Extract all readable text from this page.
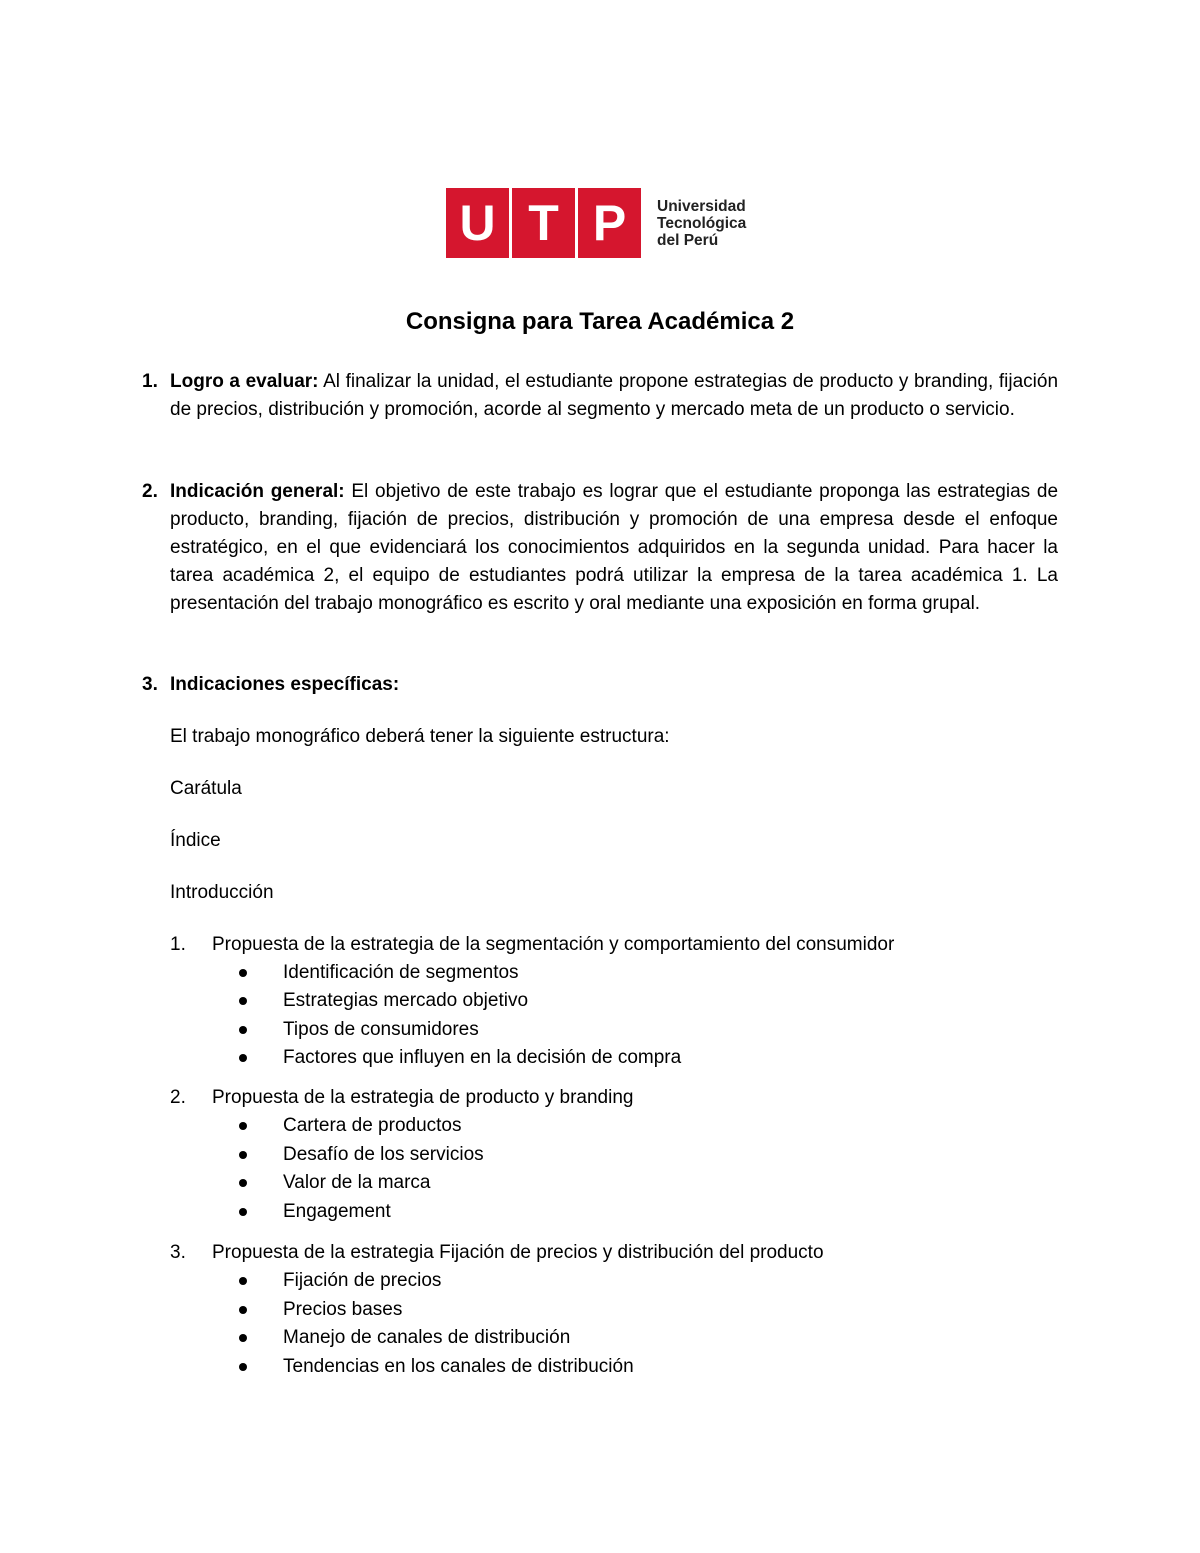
U T P	Universidad
Tecnológica
del Perú
Consigna para Tarea Académica 2
1. Logro a evaluar: Al finalizar la unidad, el estudiante propone estrategias de producto y branding, fijación de precios, distribución y promoción, acorde al segmento y mercado meta de un producto o servicio.
2. Indicación general: El objetivo de este trabajo es lograr que el estudiante proponga las estrategias de producto, branding, fijación de precios, distribución y promoción de una empresa desde el enfoque estratégico, en el que evidenciará los conocimientos adquiridos en la segunda unidad. Para hacer la tarea académica 2, el equipo de estudiantes podrá utilizar la empresa de la tarea académica 1. La presentación del trabajo monográfico es escrito y oral mediante una exposición en forma grupal.
3. Indicaciones específicas:
El trabajo monográfico deberá tener la siguiente estructura:
Carátula
Índice
Introducción
1. Propuesta de la estrategia de la segmentación y comportamiento del consumidor
Identificación de segmentos
Estrategias mercado objetivo
Tipos de consumidores
Factores que influyen en la decisión de compra
2. Propuesta de la estrategia de producto y branding
Cartera de productos
Desafío de los servicios
Valor de la marca
Engagement
3. Propuesta de la estrategia Fijación de precios y distribución del producto
Fijación de precios
Precios bases
Manejo de canales de distribución
Tendencias en los canales de distribución
